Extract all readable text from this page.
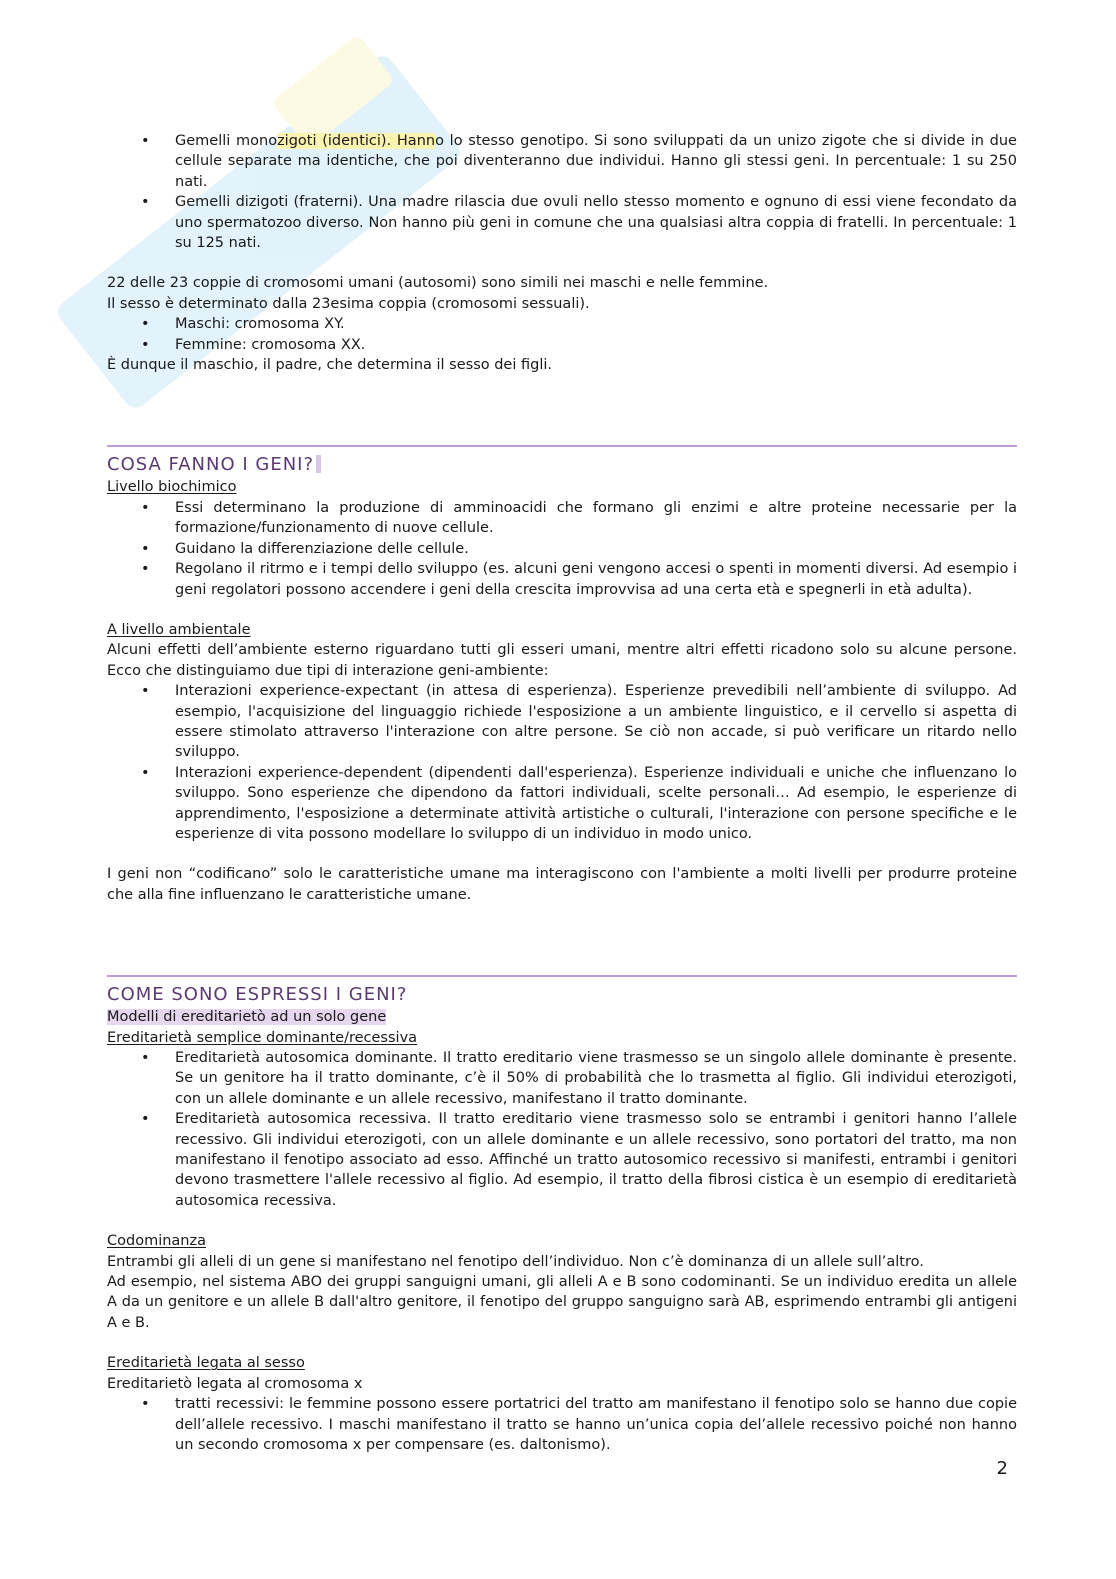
• Gemelli monozigoti (identici). Hanno lo stesso genotipo. Si sono sviluppati da un unizo zigote che si divide in due cellule separate ma identiche, che poi diventeranno due individui. Hanno gli stessi geni. In percentuale: 1 su 250 nati.
• Gemelli dizigoti (fraterni). Una madre rilascia due ovuli nello stesso momento e ognuno di essi viene fecondato da uno spermatozoo diverso. Non hanno più geni in comune che una qualsiasi altra coppia di fratelli. In percentuale: 1 su 125 nati.

22 delle 23 coppie di cromosomi umani (autosomi) sono simili nei maschi e nelle femmine.

Il sesso è determinato dalla 23esima coppia (cromosomi sessuali).

• Maschi: cromosoma XY.
• Femmine: cromosoma XX.

È dunque il maschio, il padre, che determina il sesso dei figli.

COSA FANNO I GENI?

Livello biochimico

• Essi determinano la produzione di amminoacidi che formano gli enzimi e altre proteine necessarie per la formazione/funzionamento di nuove cellule.
• Guidano la differenziazione delle cellule.
• Regolano il ritrmo e i tempi dello sviluppo (es. alcuni geni vengono accesi o spenti in momenti diversi. Ad esempio i geni regolatori possono accendere i geni della crescita improvvisa ad una certa età e spegnerli in età adulta).

A livello ambientale

Alcuni effetti dell’ambiente esterno riguardano tutti gli esseri umani, mentre altri effetti ricadono solo su alcune persone. Ecco che distinguiamo due tipi di interazione geni-ambiente:

• Interazioni experience-expectant (in attesa di esperienza). Esperienze prevedibili nell’ambiente di sviluppo. Ad esempio, l'acquisizione del linguaggio richiede l'esposizione a un ambiente linguistico, e il cervello si aspetta di essere stimolato attraverso l'interazione con altre persone. Se ciò non accade, si può verificare un ritardo nello sviluppo.
• Interazioni experience-dependent (dipendenti dall'esperienza). Esperienze individuali e uniche che influenzano lo sviluppo. Sono esperienze che dipendono da fattori individuali, scelte personali… Ad esempio, le esperienze di apprendimento, l'esposizione a determinate attività artistiche o culturali, l'interazione con persone specifiche e le esperienze di vita possono modellare lo sviluppo di un individuo in modo unico.

I geni non “codificano” solo le caratteristiche umane ma interagiscono con l'ambiente a molti livelli per produrre proteine che alla fine influenzano le caratteristiche umane.

COME SONO ESPRESSI I GENI?

Modelli di ereditarietò ad un solo gene

Ereditarietà semplice dominante/recessiva

• Ereditarietà autosomica dominante. Il tratto ereditario viene trasmesso se un singolo allele dominante è presente. Se un genitore ha il tratto dominante, c’è il 50% di probabilità che lo trasmetta al figlio. Gli individui eterozigoti, con un allele dominante e un allele recessivo, manifestano il tratto dominante.
• Ereditarietà autosomica recessiva. Il tratto ereditario viene trasmesso solo se entrambi i genitori hanno l’allele recessivo. Gli individui eterozigoti, con un allele dominante e un allele recessivo, sono portatori del tratto, ma non manifestano il fenotipo associato ad esso. Affinché un tratto autosomico recessivo si manifesti, entrambi i genitori devono trasmettere l'allele recessivo al figlio. Ad esempio, il tratto della fibrosi cistica è un esempio di ereditarietà autosomica recessiva.

Codominanza

Entrambi gli alleli di un gene si manifestano nel fenotipo dell’individuo. Non c’è dominanza di un allele sull’altro.

Ad esempio, nel sistema ABO dei gruppi sanguigni umani, gli alleli A e B sono codominanti. Se un individuo eredita un allele A da un genitore e un allele B dall'altro genitore, il fenotipo del gruppo sanguigno sarà AB, esprimendo entrambi gli antigeni A e B.

Ereditarietà legata al sesso

Ereditarietò legata al cromosoma x

• tratti recessivi: le femmine possono essere portatrici del tratto am manifestano il fenotipo solo se hanno due copie dell’allele recessivo. I maschi manifestano il tratto se hanno un’unica copia del’allele recessivo poiché non hanno un secondo cromosoma x per compensare (es. daltonismo).
2
